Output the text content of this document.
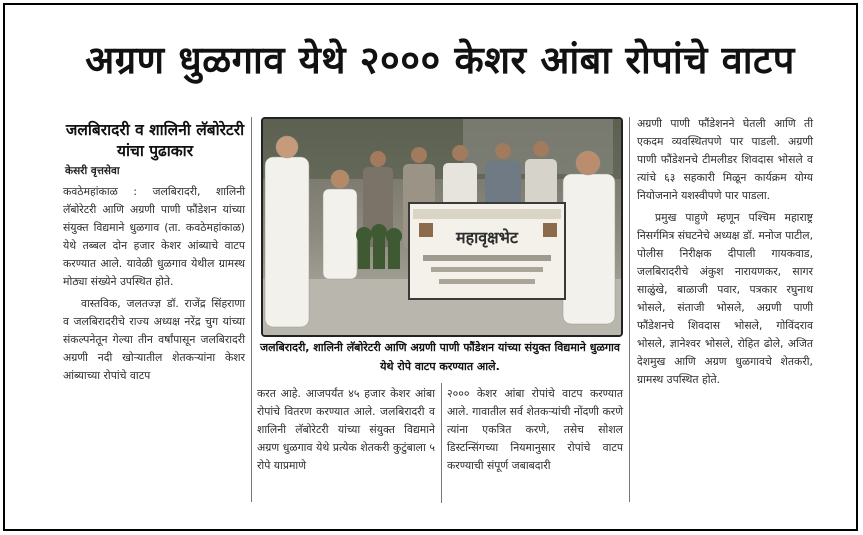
अग्रण धुळगाव येथे २००० केशर आंबा रोपांचे वाटप
जलबिरादरी व शालिनी लॅबोरेटरी यांचा पुढाकार
केसरी वृत्तसेवा

कवठेमहांकाळ : जलबिरादरी, शालिनी लॅबोरेटरी आणि अग्रणी पाणी फौंडेशन यांच्या संयुक्त विद्यमाने धुळगाव (ता. कवठेमहांकाळ) येथे तब्बल दोन हजार केशर आंब्याचे वाटप करण्यात आले. यावेळी धुळगाव येथील ग्रामस्थ मोठ्या संख्येने उपस्थित होते.

वास्तविक, जलतज्ज्ञ डॉ. राजेंद्र सिंहराणा व जलबिरादरीचे राज्य अध्यक्ष नरेंद्र चुग यांच्या संकल्पनेतून गेल्या तीन वर्षांपासून जलबिरादरी अग्रणी नदी खोऱ्यातील शेतकऱ्यांना केशर आंब्याच्या रोपांचे वाटप

महावृक्षभेट
जलबिरादरी, शालिनी लॅबोरेटरी आणि अग्रणी पाणी फौंडेशन यांच्या संयुक्त विद्यमाने धुळगाव येथे रोपे वाटप करण्यात आले.

करत आहे. आजपर्यंत ४५ हजार केशर आंबा रोपांचे वितरण करण्यात आले. जलबिरादरी व शालिनी लॅबोरेटरी यांच्या संयुक्त विद्यमाने अग्रण धुळगाव येथे प्रत्येक शेतकरी कुटुंबाला ५ रोपे याप्रमाणे

२००० केशर आंबा रोपांचे वाटप करण्यात आले. गावातील सर्व शेतकऱ्यांची नोंदणी करणे त्यांना एकत्रित करणे, तसेच सोशल डिस्टन्सिंगच्या नियमानुसार रोपांचे वाटप करण्याची संपूर्ण जबाबदारी

अग्रणी पाणी फौंडेशनने घेतली आणि ती एकदम व्यवस्थितपणे पार पाडली. अग्रणी पाणी फौंडेशनचे टीमलीडर शिवदास भोसले व त्यांचे ६३ सहकारी मिळून कार्यक्रम योग्य नियोजनाने यशस्वीपणे पार पाडला.

प्रमुख पाहुणे म्हणून पश्चिम महाराष्ट्र निसर्गमित्र संघटनेचे अध्यक्ष डॉ. मनोज पाटील, पोलीस निरीक्षक दीपाली गायकवाड, जलबिरादरीचे अंकुश नारायणकर, सागर साळुंखे, बाळाजी पवार, पत्रकार रघुनाथ भोसले, संताजी भोसले, अग्रणी पाणी फौंडेशनचे शिवदास भोसले, गोविंदराव भोसले, ज्ञानेश्वर भोसले, रोहित ढोले, अजित देशमुख आणि अग्रण धुळगावचे शेतकरी, ग्रामस्थ उपस्थित होते.
